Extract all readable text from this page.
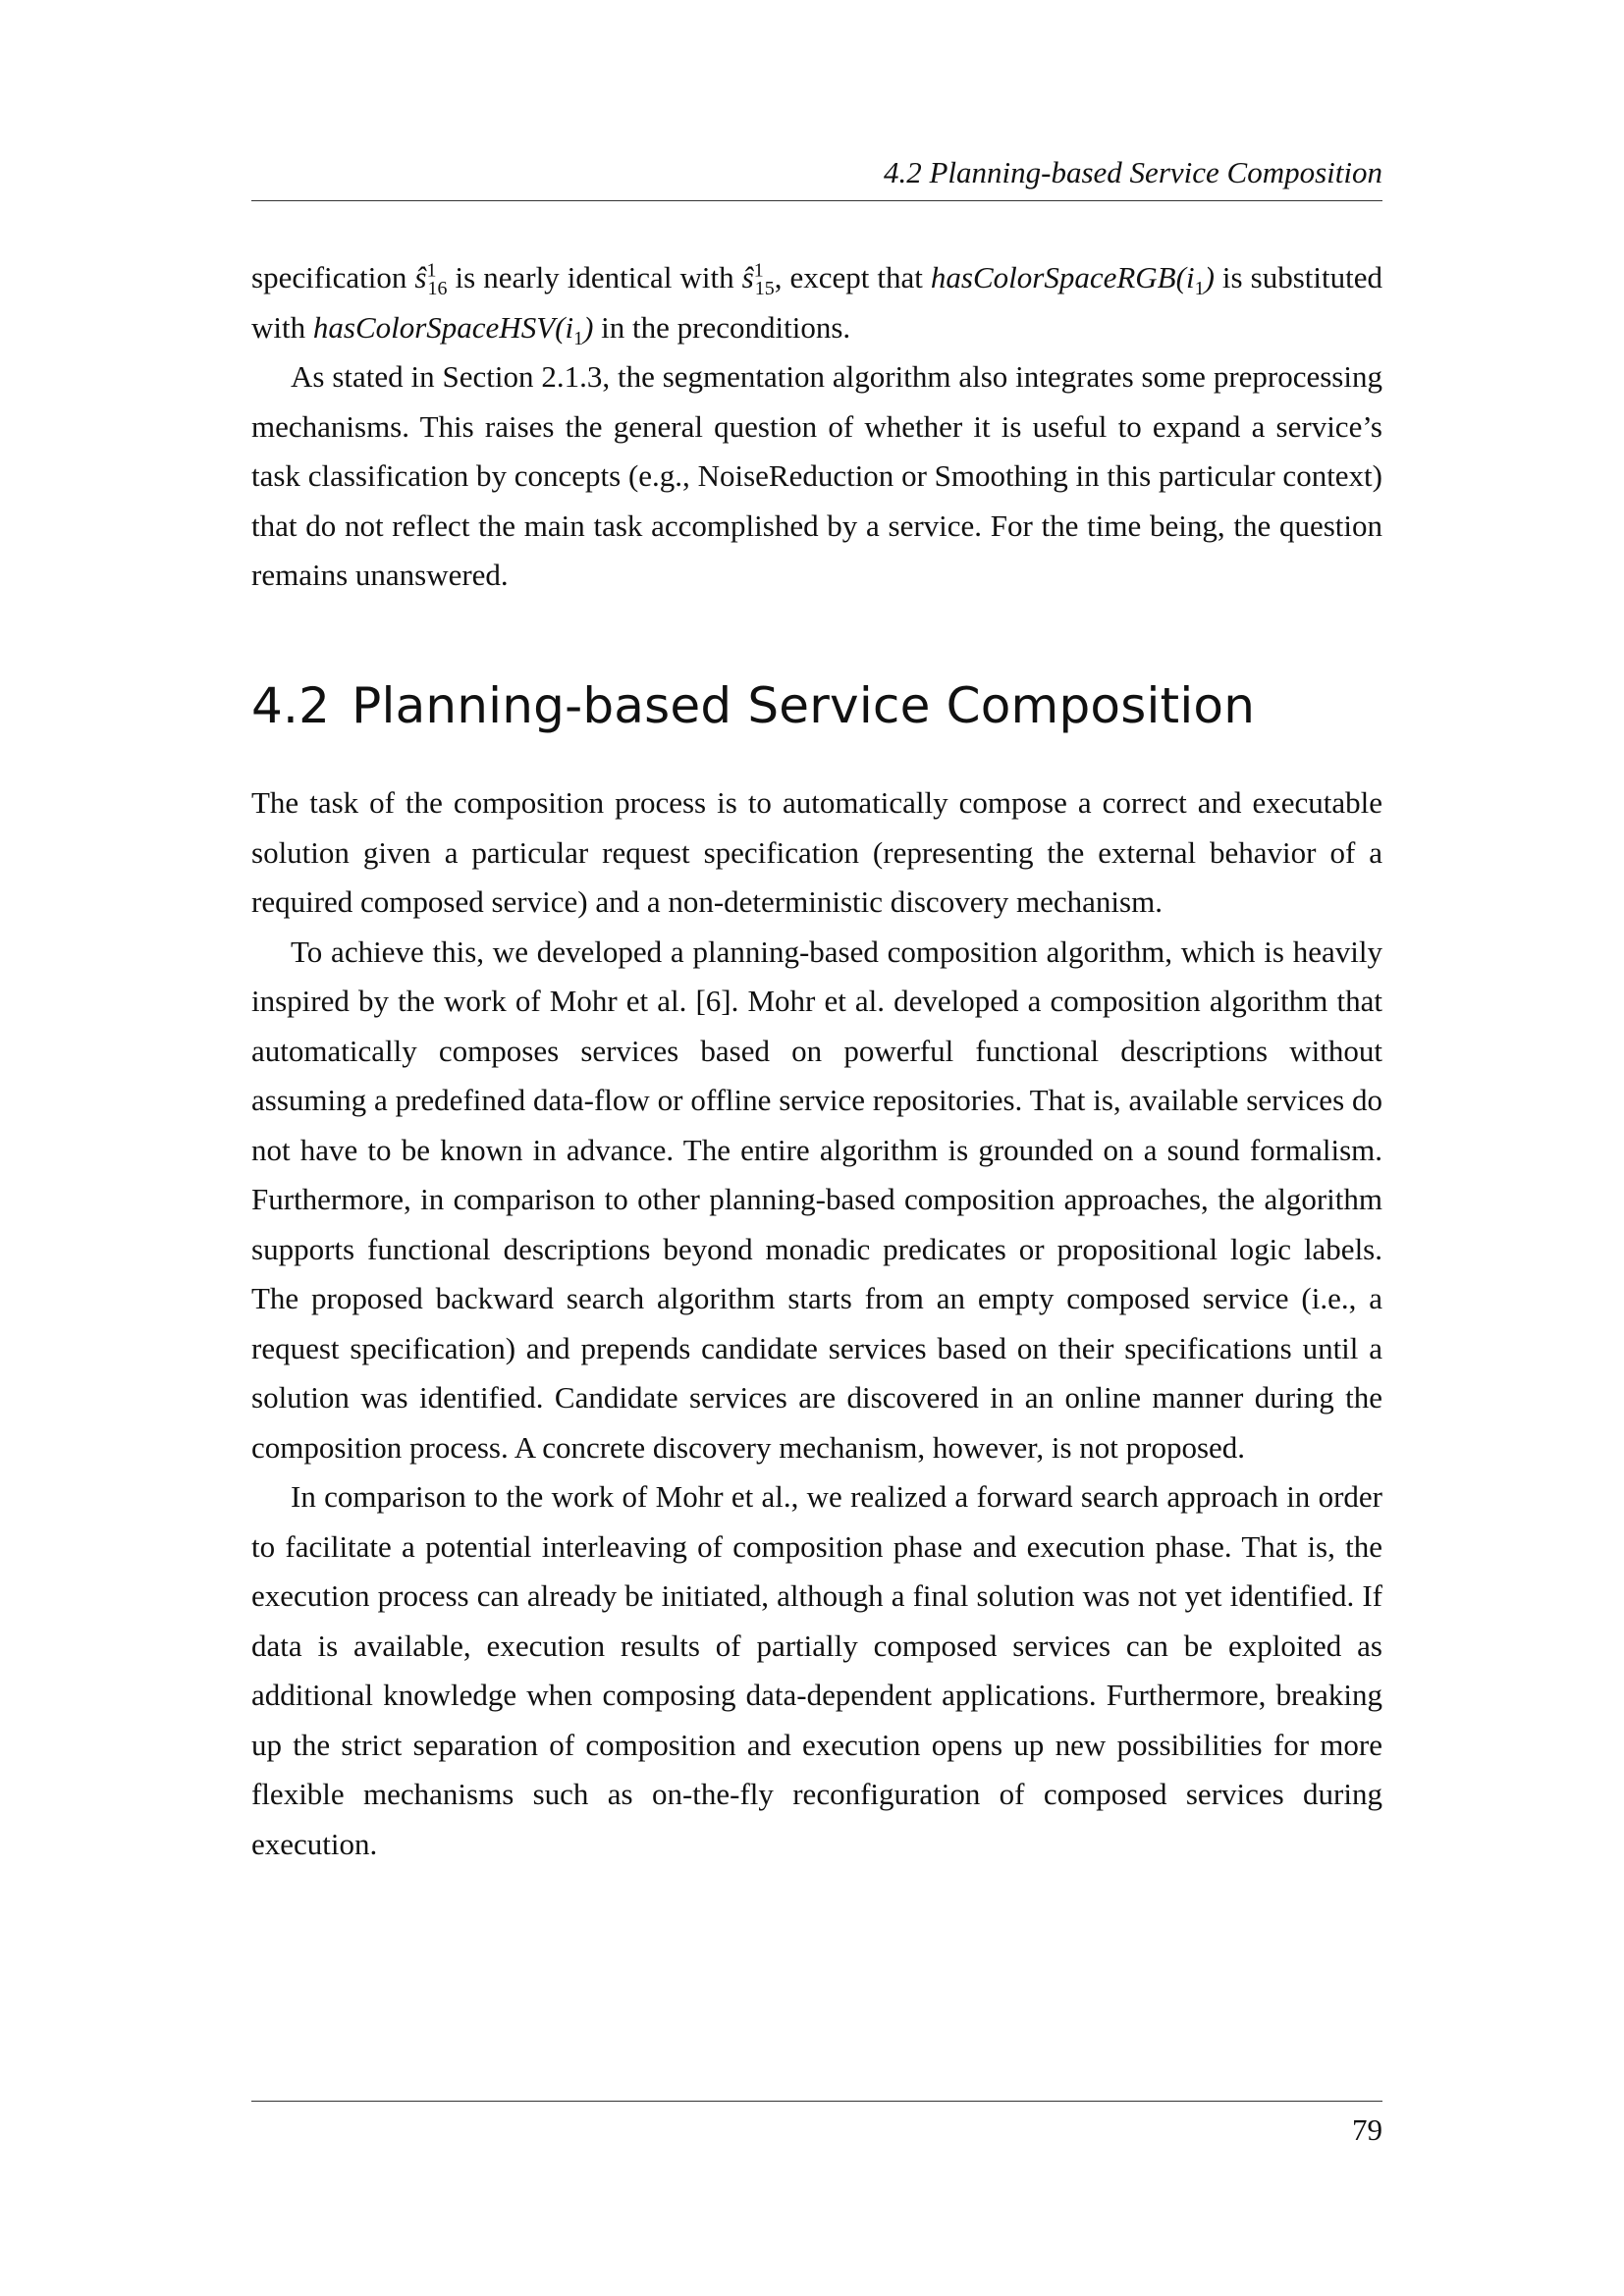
4.2 Planning-based Service Composition

specification $ŝ^1_{16}$ is nearly identical with $ŝ^1_{15}$, except that $hasColorSpaceRGB(i_1)$ is substituted with $hasColorSpaceHSV(i_1)$ in the preconditions.

As stated in Section 2.1.3, the segmentation algorithm also integrates some preprocessing mechanisms. This raises the general question of whether it is useful to expand a service’s task classification by concepts (e.g., NoiseReduction or Smoothing in this particular context) that do not reflect the main task accomplished by a service. For the time being, the question remains unanswered.

4.2 Planning-based Service Composition

The task of the composition process is to automatically compose a correct and executable solution given a particular request specification (representing the external behavior of a required composed service) and a non-deterministic discovery mechanism.

To achieve this, we developed a planning-based composition algorithm, which is heavily inspired by the work of Mohr et al. [6]. Mohr et al. developed a composition algorithm that automatically composes services based on powerful functional descriptions without assuming a predefined data-flow or offline service repositories. That is, available services do not have to be known in advance. The entire algorithm is grounded on a sound formalism. Furthermore, in comparison to other planning-based composition approaches, the algorithm supports functional descriptions beyond monadic predicates or propositional logic labels. The proposed backward search algorithm starts from an empty composed service (i.e., a request specification) and prepends candidate services based on their specifications until a solution was identified. Candidate services are discovered in an online manner during the composition process. A concrete discovery mechanism, however, is not proposed.

In comparison to the work of Mohr et al., we realized a forward search approach in order to facilitate a potential interleaving of composition phase and execution phase. That is, the execution process can already be initiated, although a final solution was not yet identified. If data is available, execution results of partially composed services can be exploited as additional knowledge when composing data-dependent applications. Furthermore, breaking up the strict separation of composition and execution opens up new possibilities for more flexible mechanisms such as on-the-fly reconfiguration of composed services during execution.

79
